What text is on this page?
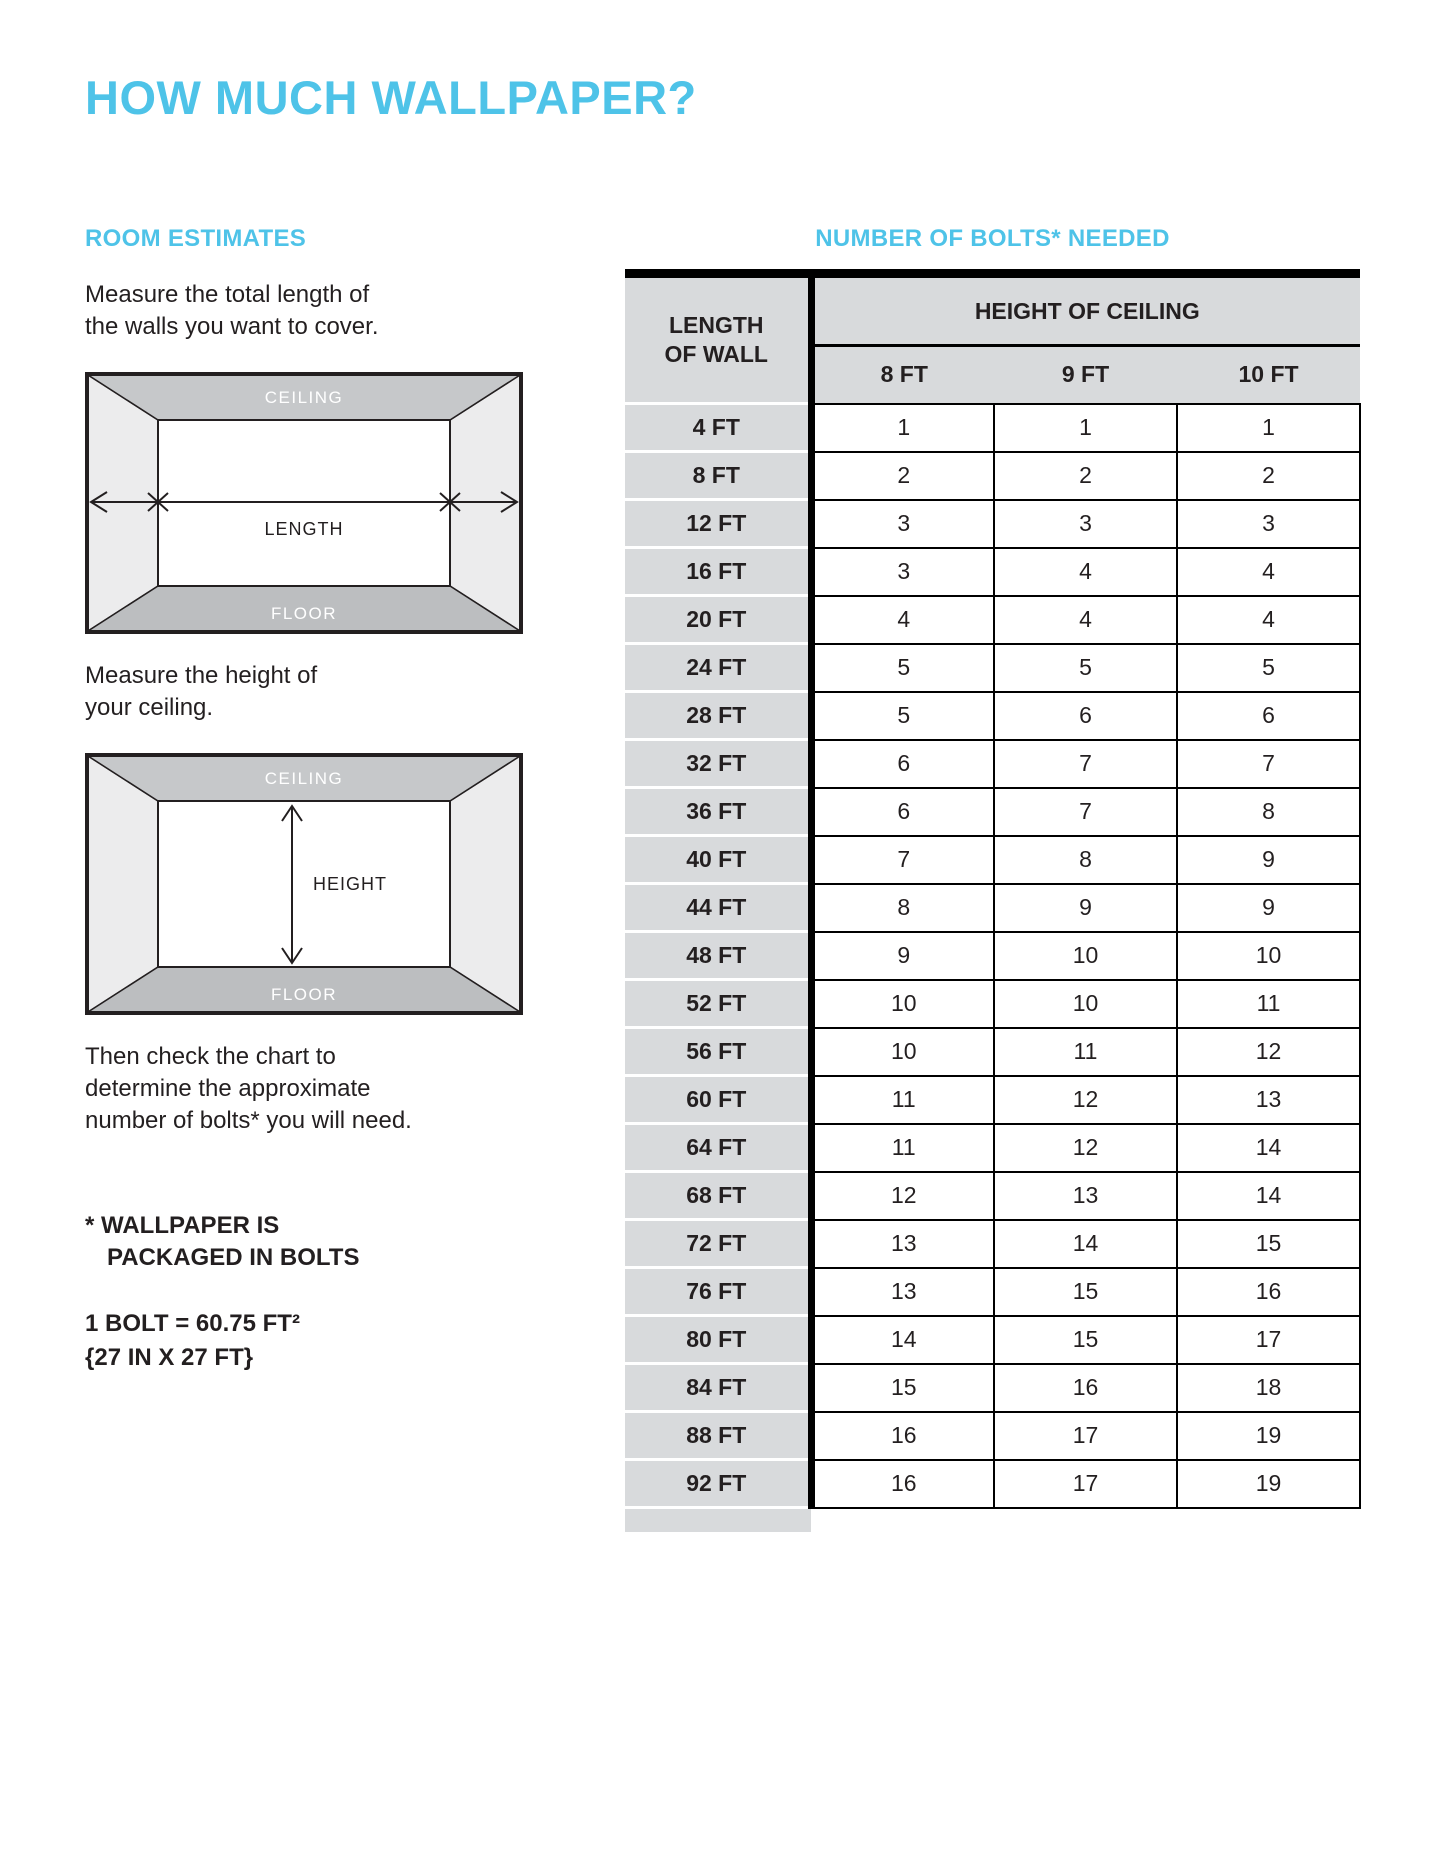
HOW MUCH WALLPAPER?
ROOM ESTIMATES
Measure the total length of
the walls you want to cover.
CEILING
FLOOR
LENGTH
Measure the height of
your ceiling.
CEILING
FLOOR
HEIGHT
Then check the chart to
determine the approximate
number of bolts* you will need.
* WALLPAPER IS
PACKAGED IN BOLTS
1 BOLT = 60.75 FT²
{27 IN X 27 FT}
NUMBER OF BOLTS* NEEDED
LENGTH
OF WALL	HEIGHT OF CEILING		
	8 FT	9 FT	10 FT
4 FT	1	1	1
8 FT	2	2	2
12 FT	3	3	3
16 FT	3	4	4
20 FT	4	4	4
24 FT	5	5	5
28 FT	5	6	6
32 FT	6	7	7
36 FT	6	7	8
40 FT	7	8	9
44 FT	8	9	9
48 FT	9	10	10
52 FT	10	10	11
56 FT	10	11	12
60 FT	11	12	13
64 FT	11	12	14
68 FT	12	13	14
72 FT	13	14	15
76 FT	13	15	16
80 FT	14	15	17
84 FT	15	16	18
88 FT	16	17	19
92 FT	16	17	19
